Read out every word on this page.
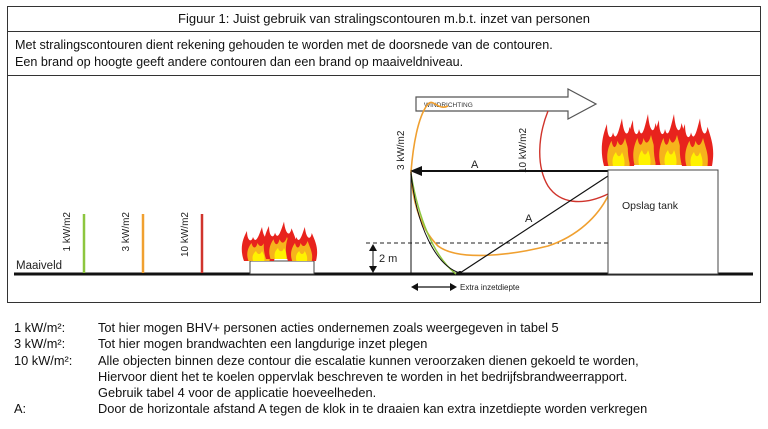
Figuur 1: Juist gebruik van stralingscontouren m.b.t. inzet van personen
Met stralingscontouren dient rekening gehouden te worden met de doorsnede van de contouren.
Een brand op hoogte geeft andere contouren dan een brand op maaiveldniveau.
Maaiveld
1 kW/m2	3 kW/m2	10 kW/m2
2 m
WINDRICHTING
3 kW/m2	10 kW/m2
A
A
Extra inzetdiepte
Opslag tank
1 kW/m²:	Tot hier mogen BHV+ personen acties ondernemen zoals weergegeven in tabel 5
3 kW/m²:	Tot hier mogen brandwachten een langdurige inzet plegen
10 kW/m²:	Alle objecten binnen deze contour die escalatie kunnen veroorzaken dienen gekoeld te worden,
Hiervoor dient het te koelen oppervlak beschreven te worden in het bedrijfsbrandweerrapport.
Gebruik tabel 4 voor de applicatie hoeveelheden.
A:	Door de horizontale afstand A tegen de klok in te draaien kan extra inzetdiepte worden verkregen
